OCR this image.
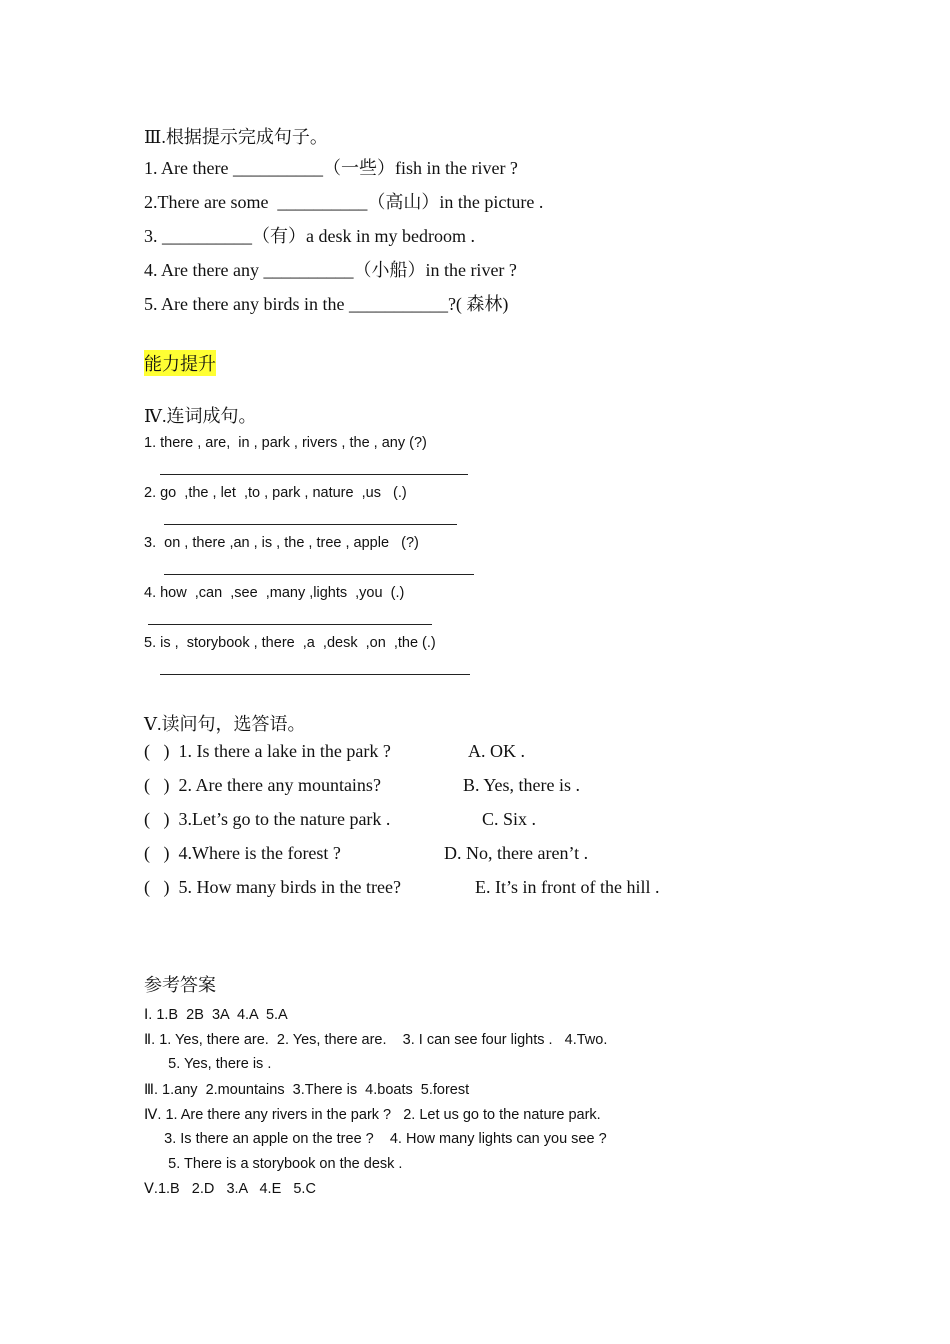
Ⅲ.根据提示完成句子。
1. Are there __________（一些）fish in the river ?
2.There are some  __________（高山）in the picture .
3. __________（有）a desk in my bedroom .
4. Are there any __________（小船）in the river ?
5. Are there any birds in the ___________?( 森林)
能力提升
Ⅳ.连词成句。
1. there , are,  in , park , rivers , the , any (?)
2. go  ,the , let  ,to , park , nature  ,us   (.)
3.  on , there ,an , is , the , tree , apple   (?)
4. how  ,can  ,see  ,many ,lights  ,you  (.)
5. is ,  storybook , there  ,a  ,desk  ,on  ,the (.)
Ⅴ.读问句，选答语。
(   )  1. Is there a lake in the park ?	A. OK .
(   )  2. Are there any mountains?	B. Yes, there is .
(   )  3.Let’s go to the nature park .	C. Six .
(   )  4.Where is the forest ?	D. No, there aren’t .
(   )  5. How many birds in the tree?	E. It’s in front of the hill .
参考答案
Ⅰ. 1.B  2B  3A  4.A  5.A
Ⅱ. 1. Yes, there are.  2. Yes, there are.    3. I can see four lights .   4.Two.
5. Yes, there is .
Ⅲ. 1.any  2.mountains  3.There is  4.boats  5.forest
Ⅳ. 1. Are there any rivers in the park ?   2. Let us go to the nature park.
3. Is there an apple on the tree ?    4. How many lights can you see ?
5. There is a storybook on the desk .
Ⅴ.1.B   2.D   3.A   4.E   5.C
